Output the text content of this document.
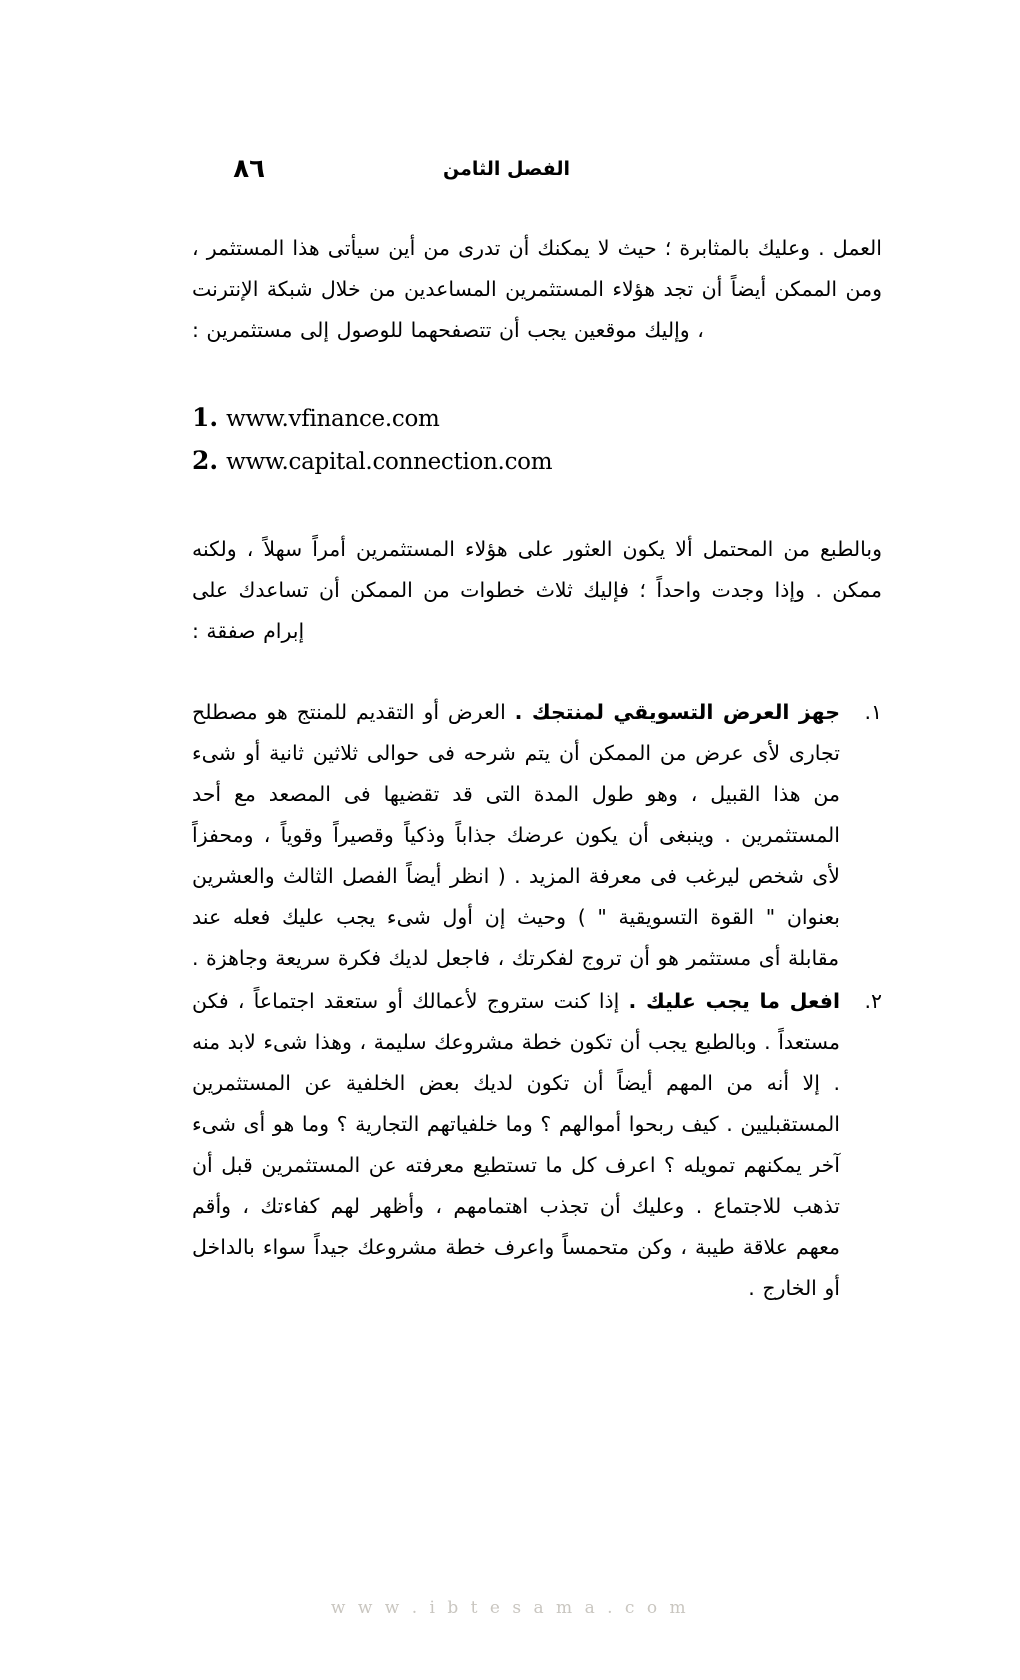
الفصل الثامن
٨٦

العمل . وعليك بالمثابرة ؛ حيث لا يمكنك أن تدرى من أين سيأتى هذا المستثمر ، ومن الممكن أيضاً أن تجد هؤلاء المستثمرين المساعدين من خلال شبكة الإنترنت ، وإليك موقعين يجب أن تتصفحهما للوصول إلى مستثمرين :

1. www.vfinance.com
2. www.capital.connection.com

وبالطبع من المحتمل ألا يكون العثور على هؤلاء المستثمرين أمراً سهلاً ، ولكنه ممكن . وإذا وجدت واحداً ؛ فإليك ثلاث خطوات من الممكن أن تساعدك على إبرام صفقة :

١.
جهز العرض التسويقي لمنتجك . العرض أو التقديم للمنتج هو مصطلح تجارى لأى عرض من الممكن أن يتم شرحه فى حوالى ثلاثين ثانية أو شىء من هذا القبيل ، وهو طول المدة التى قد تقضيها فى المصعد مع أحد المستثمرين . وينبغى أن يكون عرضك جذاباً وذكياً وقصيراً وقوياً ، ومحفزاً لأى شخص ليرغب فى معرفة المزيد . ( انظر أيضاً الفصل الثالث والعشرين بعنوان " القوة التسويقية " ) وحيث إن أول شىء يجب عليك فعله عند مقابلة أى مستثمر هو أن تروج لفكرتك ، فاجعل لديك فكرة سريعة وجاهزة .
٢.
افعل ما يجب عليك . إذا كنت ستروج لأعمالك أو ستعقد اجتماعاً ، فكن مستعداً . وبالطبع يجب أن تكون خطة مشروعك سليمة ، وهذا شىء لابد منه . إلا أنه من المهم أيضاً أن تكون لديك بعض الخلفية عن المستثمرين المستقبليين . كيف ربحوا أموالهم ؟ وما خلفياتهم التجارية ؟ وما هو أى شىء آخر يمكنهم تمويله ؟ اعرف كل ما تستطيع معرفته عن المستثمرين قبل أن تذهب للاجتماع . وعليك أن تجذب اهتمامهم ، وأظهر لهم كفاءتك ، وأقم معهم علاقة طيبة ، وكن متحمساً واعرف خطة مشروعك جيداً سواء بالداخل أو الخارج .
w w w . i b t e s a m a . c o m
